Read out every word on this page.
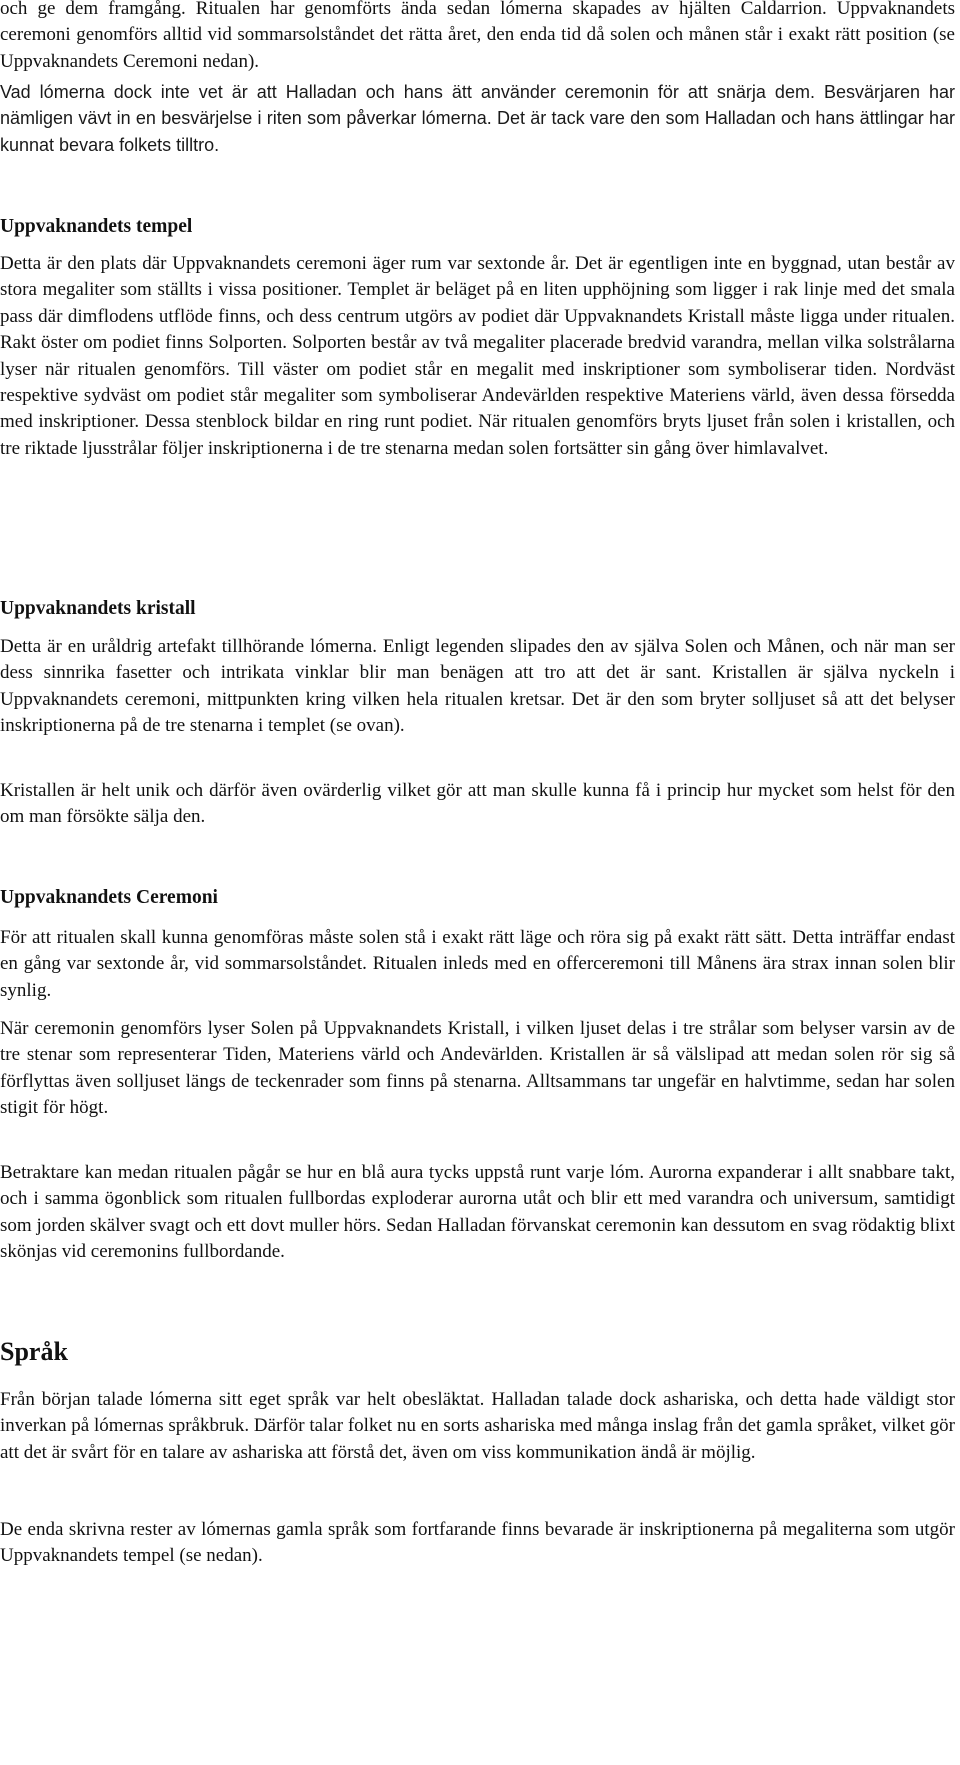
och ge dem framgång. Ritualen har genomförts ända sedan lómerna skapades av hjälten Caldarrion. Uppvaknandets ceremoni genomförs alltid vid sommarsolståndet det rätta året, den enda tid då solen och månen står i exakt rätt position (se Uppvaknandets Ceremoni nedan).

Vad lómerna dock inte vet är att Halladan och hans ätt använder ceremonin för att snärja dem. Besvärjaren har nämligen vävt in en besvärjelse i riten som påverkar lómerna. Det är tack vare den som Halladan och hans ättlingar har kunnat bevara folkets tilltro.

Uppvaknandets tempel

Detta är den plats där Uppvaknandets ceremoni äger rum var sextonde år. Det är egentligen inte en byggnad, utan består av stora megaliter som ställts i vissa positioner. Templet är beläget på en liten upphöjning som ligger i rak linje med det smala pass där dimflodens utflöde finns, och dess centrum utgörs av podiet där Uppvaknandets Kristall måste ligga under ritualen. Rakt öster om podiet finns Solporten. Solporten består av två megaliter placerade bredvid varandra, mellan vilka solstrålarna lyser när ritualen genomförs. Till väster om podiet står en megalit med inskriptioner som symboliserar tiden. Nordväst respektive sydväst om podiet står megaliter som symboliserar Andevärlden respektive Materiens värld, även dessa försedda med inskriptioner. Dessa stenblock bildar en ring runt podiet. När ritualen genomförs bryts ljuset från solen i kristallen, och tre riktade ljusstrålar följer inskriptionerna i de tre stenarna medan solen fortsätter sin gång över himlavalvet.

Uppvaknandets kristall

Detta är en uråldrig artefakt tillhörande lómerna. Enligt legenden slipades den av själva Solen och Månen, och när man ser dess sinnrika fasetter och intrikata vinklar blir man benägen att tro att det är sant. Kristallen är själva nyckeln i Uppvaknandets ceremoni, mittpunkten kring vilken hela ritualen kretsar. Det är den som bryter solljuset så att det belyser inskriptionerna på de tre stenarna i templet (se ovan).

Kristallen är helt unik och därför även ovärderlig vilket gör att man skulle kunna få i princip hur mycket som helst för den om man försökte sälja den.

Uppvaknandets Ceremoni

För att ritualen skall kunna genomföras måste solen stå i exakt rätt läge och röra sig på exakt rätt sätt. Detta inträffar endast en gång var sextonde år, vid sommarsolståndet. Ritualen inleds med en offerceremoni till Månens ära strax innan solen blir synlig.

När ceremonin genomförs lyser Solen på Uppvaknandets Kristall, i vilken ljuset delas i tre strålar som belyser varsin av de tre stenar som representerar Tiden, Materiens värld och Andevärlden. Kristallen är så välslipad att medan solen rör sig så förflyttas även solljuset längs de teckenrader som finns på stenarna. Alltsammans tar ungefär en halvtimme, sedan har solen stigit för högt.

Betraktare kan medan ritualen pågår se hur en blå aura tycks uppstå runt varje lóm. Aurorna expanderar i allt snabbare takt, och i samma ögonblick som ritualen fullbordas exploderar aurorna utåt och blir ett med varandra och universum, samtidigt som jorden skälver svagt och ett dovt muller hörs. Sedan Halladan förvanskat ceremonin kan dessutom en svag rödaktig blixt skönjas vid ceremonins fullbordande.

Språk

Från början talade lómerna sitt eget språk var helt obesläktat. Halladan talade dock ashariska, och detta hade väldigt stor inverkan på lómernas språkbruk. Därför talar folket nu en sorts ashariska med många inslag från det gamla språket, vilket gör att det är svårt för en talare av ashariska att förstå det, även om viss kommunikation ändå är möjlig.

De enda skrivna rester av lómernas gamla språk som fortfarande finns bevarade är inskriptionerna på megaliterna som utgör Uppvaknandets tempel (se nedan).
